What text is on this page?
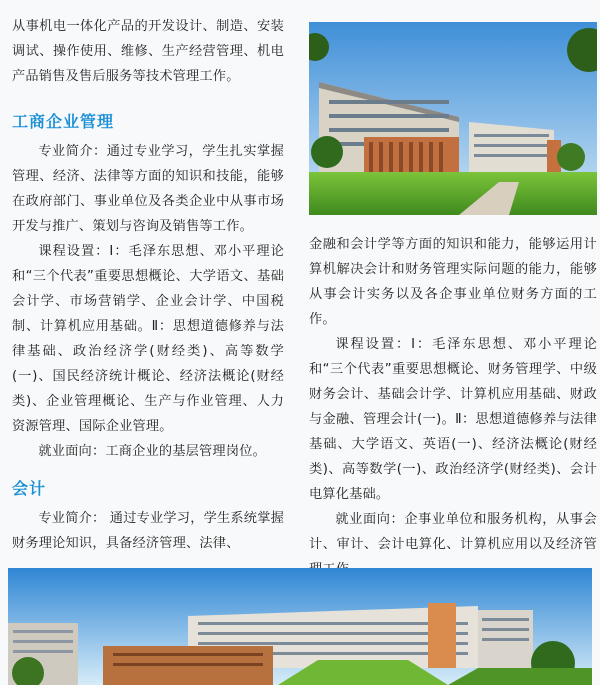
从事机电一体化产品的开发设计、制造、安装调试、操作使用、维修、生产经营管理、机电产品销售及售后服务等技术管理工作。

工商企业管理

专业简介：通过专业学习，学生扎实掌握管理、经济、法律等方面的知识和技能，能够在政府部门、事业单位及各类企业中从事市场开发与推广、策划与咨询及销售等工作。

课程设置：Ⅰ：毛泽东思想、邓小平理论和“三个代表”重要思想概论、大学语文、基础会计学、市场营销学、企业会计学、中国税制、计算机应用基础。Ⅱ：思想道德修养与法律基础、政治经济学(财经类)、高等数学(一)、国民经济统计概论、经济法概论(财经类)、企业管理概论、生产与作业管理、人力资源管理、国际企业管理。

就业面向：工商企业的基层管理岗位。

会计

专业简介： 通过专业学习，学生系统掌握财务理论知识，具备经济管理、法律、

金融和会计学等方面的知识和能力，能够运用计算机解决会计和财务管理实际问题的能力，能够从事会计实务以及各企事业单位财务方面的工作。

课程设置：Ⅰ：毛泽东思想、邓小平理论和“三个代表”重要思想概论、财务管理学、中级财务会计、基础会计学、计算机应用基础、财政与金融、管理会计(一)。Ⅱ：思想道德修养与法律基础、大学语文、英语(一)、经济法概论(财经类)、高等数学(一)、政治经济学(财经类)、会计电算化基础。

就业面向：企事业单位和服务机构，从事会计、审计、会计电算化、计算机应用以及经济管
